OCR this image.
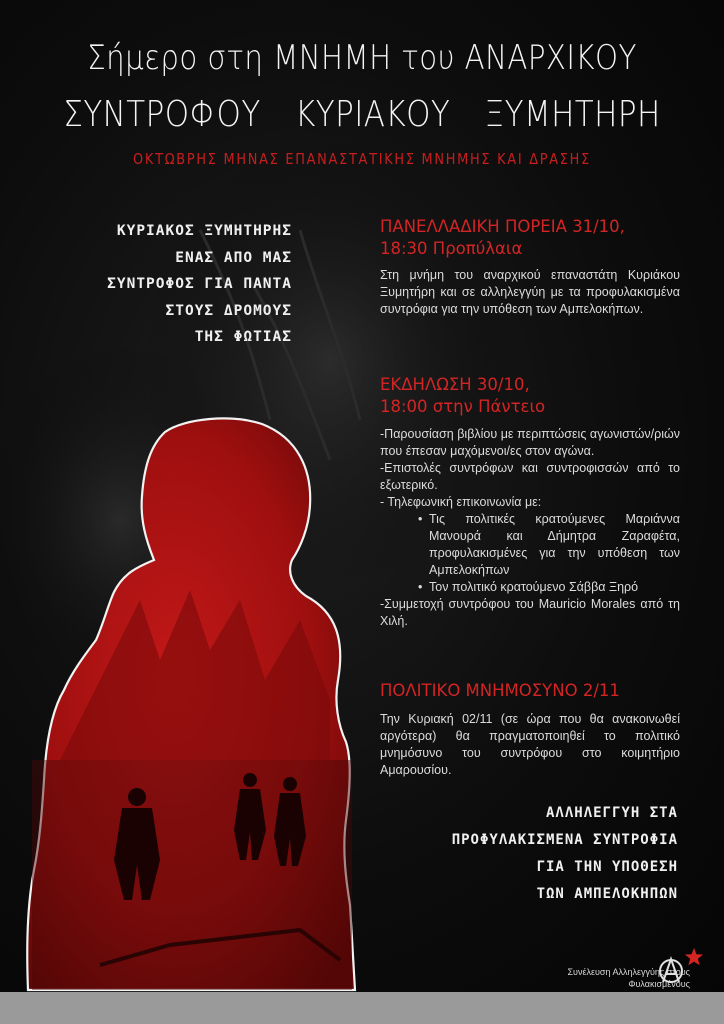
Σήμερο στη ΜΝΗΜΗ του ΑΝΑΡΧΙΚΟΥ
ΣΥΝΤΡΟΦΟΥ ΚΥΡΙΑΚΟΥ ΞΥΜΗΤΗΡΗ
ΟΚΤΩΒΡΗΣ ΜΗΝΑΣ ΕΠΑΝΑΣΤΑΤΙΚΗΣ ΜΝΗΜΗΣ ΚΑΙ ΔΡΑΣΗΣ
ΚΥΡΙΑΚΟΣ ΞΥΜΗΤΗΡΗΣ
ΕΝΑΣ ΑΠΟ ΜΑΣ
ΣΥΝΤΡΟΦΟΣ ΓΙΑ ΠΑΝΤΑ
ΣΤΟΥΣ ΔΡΟΜΟΥΣ
ΤΗΣ ΦΩΤΙΑΣ
ΠΑΝΕΛΛΑΔΙΚΗ ΠΟΡΕΙΑ 31/10,
18:30 Προπύλαια
Στη μνήμη του αναρχικού επαναστάτη Κυριάκου Ξυμητήρη και σε αλληλεγγύη με τα προφυλακισμένα συντρόφια για την υπόθεση των Αμπελοκήπων.
ΕΚΔΗΛΩΣΗ 30/10,
18:00 στην Πάντειο
-Παρουσίαση βιβλίου με περιπτώσεις αγωνιστών/ριών που έπεσαν μαχόμενοι/ες στον αγώνα.
-Επιστολές συντρόφων και συντροφισσών από το εξωτερικό.
- Τηλεφωνική επικοινωνία με:

• Τις πολιτικές κρατούμενες Μαριάννα Μανουρά και Δήμητρα Ζαραφέτα, προφυλακισμένες για την υπόθεση των Αμπελοκήπων

• Τον πολιτικό κρατούμενο Σάββα Ξηρό

-Συμμετοχή συντρόφου του Mauricio Morales από τη Χιλή.
ΠΟΛΙΤΙΚΟ ΜΝΗΜΟΣΥΝΟ 2/11
Την Κυριακή 02/11 (σε ώρα που θα ανακοινωθεί αργότερα) θα πραγματοποιηθεί το πολιτικό μνημόσυνο του συντρόφου στο κοιμητήριο Αμαρουσίου.
ΑΛΛΗΛΕΓΓΥΗ ΣΤΑ
ΠΡΟΦΥΛΑΚΙΣΜΕΝΑ ΣΥΝΤΡΟΦΙΑ
ΓΙΑ ΤΗΝ ΥΠΟΘΕΣΗ
ΤΩΝ ΑΜΠΕΛΟΚΗΠΩΝ
Συνέλευση Αλληλεγγύης στους Φυλακισμένους
